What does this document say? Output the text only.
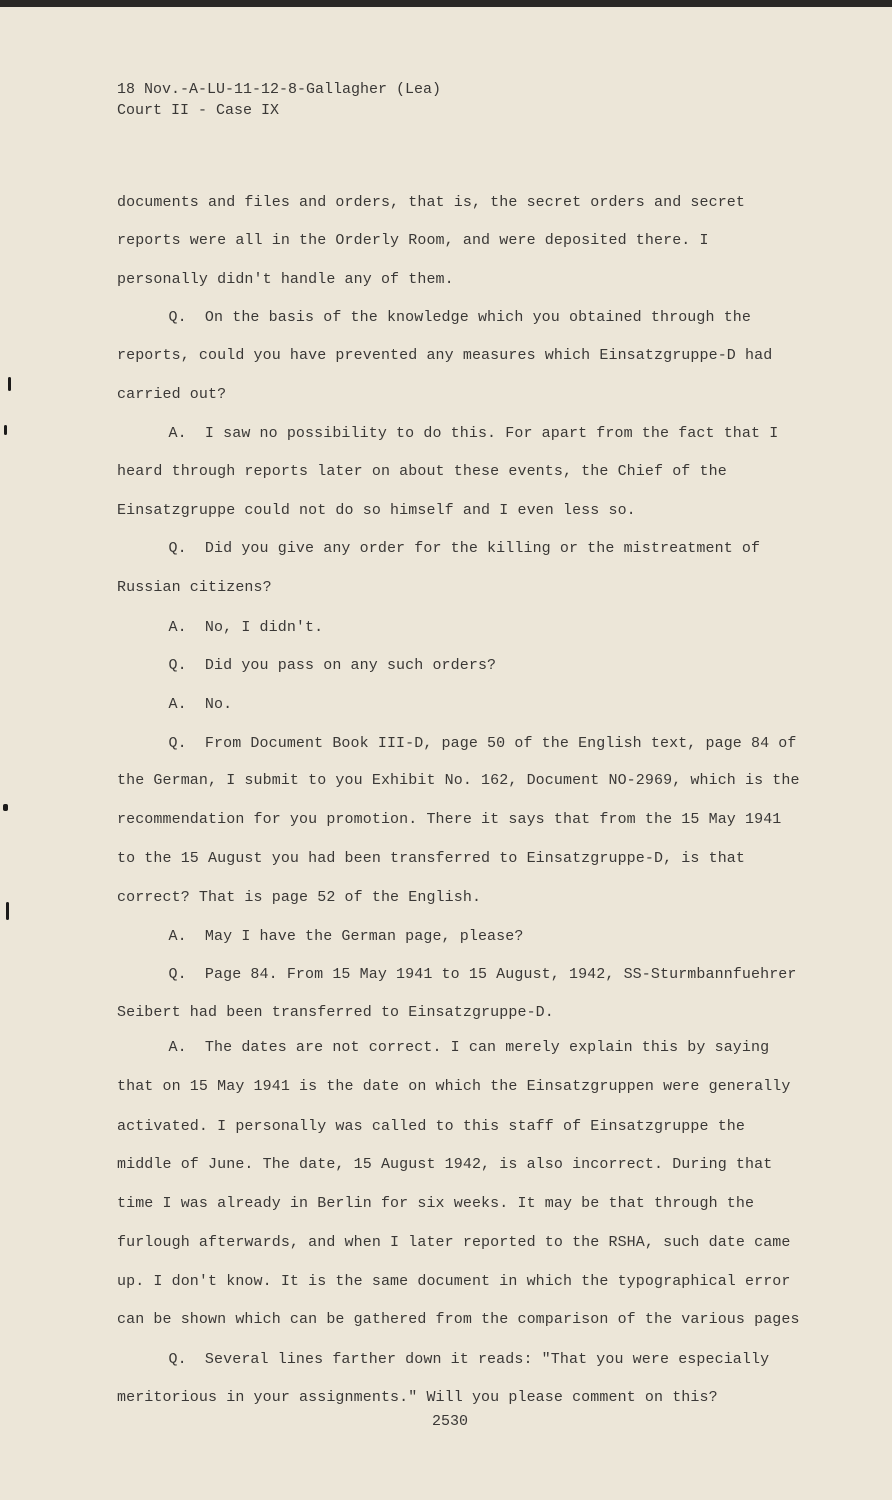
18 Nov.-A-LU-11-12-8-Gallagher (Lea)
Court II - Case IX
documents and files and orders, that is, the secret orders and secret
reports were all in the Orderly Room, and were deposited there. I
personally didn't handle any of them.
Q.  On the basis of the knowledge which you obtained through the
reports, could you have prevented any measures which Einsatzgruppe-D had
carried out?
A.  I saw no possibility to do this. For apart from the fact that I
heard through reports later on about these events, the Chief of the
Einsatzgruppe could not do so himself and I even less so.
Q.  Did you give any order for the killing or the mistreatment of
Russian citizens?
A.  No, I didn't.
Q.  Did you pass on any such orders?
A.  No.
Q.  From Document Book III-D, page 50 of the English text, page 84 of
the German, I submit to you Exhibit No. 162, Document NO-2969, which is the
recommendation for you promotion. There it says that from the 15 May 1941
to the 15 August you had been transferred to Einsatzgruppe-D, is that
correct? That is page 52 of the English.
A.  May I have the German page, please?
Q.  Page 84. From 15 May 1941 to 15 August, 1942, SS-Sturmbannfuehrer
Seibert had been transferred to Einsatzgruppe-D.
A.  The dates are not correct. I can merely explain this by saying
that on 15 May 1941 is the date on which the Einsatzgruppen were generally
activated. I personally was called to this staff of Einsatzgruppe the
middle of June. The date, 15 August 1942, is also incorrect. During that
time I was already in Berlin for six weeks. It may be that through the
furlough afterwards, and when I later reported to the RSHA, such date came
up. I don't know. It is the same document in which the typographical error
can be shown which can be gathered from the comparison of the various pages
Q.  Several lines farther down it reads: "That you were especially
meritorious in your assignments." Will you please comment on this?
2530
